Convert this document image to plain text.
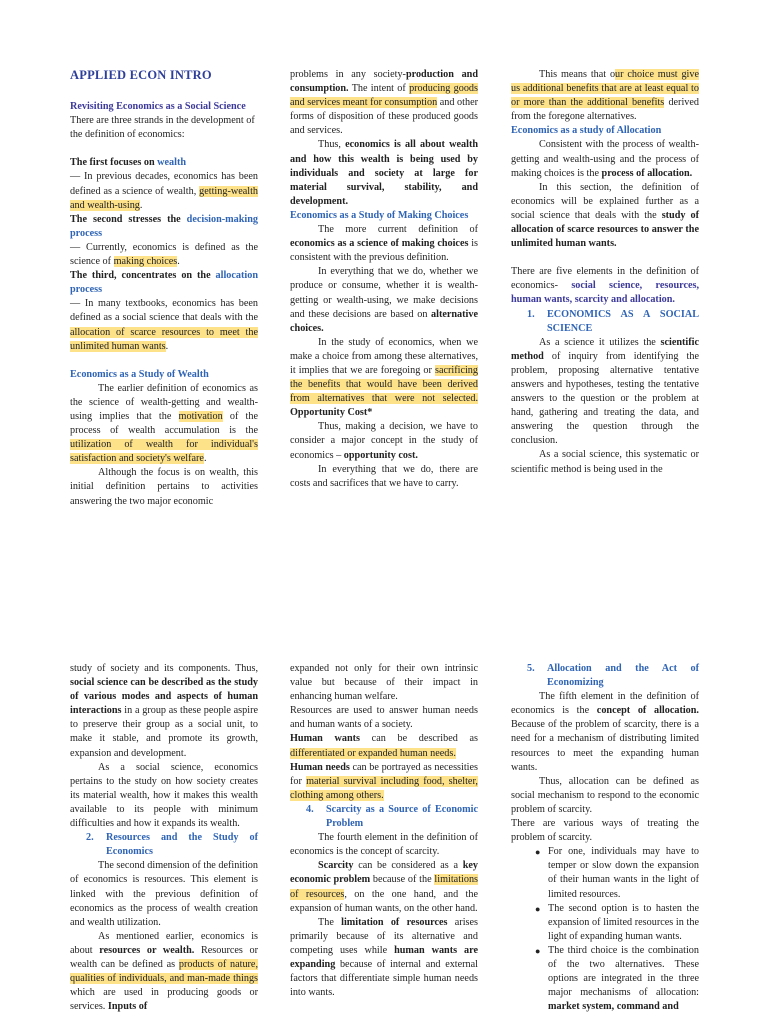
APPLIED ECON INTRO

Revisiting Economics as a Social Science

There are three strands in the development of the definition of economics:

The first focuses on wealth

— In previous decades, economics has been defined as a science of wealth, getting-wealth and wealth-using.

The second stresses the decision-making process

— Currently, economics is defined as the science of making choices.

The third, concentrates on the allocation process

— In many textbooks, economics has been defined as a social science that deals with the allocation of scarce resources to meet the unlimited human wants.

Economics as a Study of Wealth

The earlier definition of economics as the science of wealth-getting and wealth-using implies that the motivation of the process of wealth accumulation is the utilization of wealth for individual's satisfaction and society's welfare.

Although the focus is on wealth, this initial definition pertains to activities answering the two major economic

problems in any society-production and consumption. The intent of producing goods and services meant for consumption and other forms of disposition of these produced goods and services.

Thus, economics is all about wealth and how this wealth is being used by individuals and society at large for material survival, stability, and development.

Economics as a Study of Making Choices

The more current definition of economics as a science of making choices is consistent with the previous definition.

In everything that we do, whether we produce or consume, whether it is wealth-getting or wealth-using, we make decisions and these decisions are based on alternative choices.

In the study of economics, when we make a choice from among these alternatives, it implies that we are foregoing or sacrificing the benefits that would have been derived from alternatives that were not selected. Opportunity Cost*

Thus, making a decision, we have to consider a major concept in the study of economics – opportunity cost.

In everything that we do, there are costs and sacrifices that we have to carry.

This means that our choice must give us additional benefits that are at least equal to or more than the additional benefits derived from the foregone alternatives.

Economics as a study of Allocation

Consistent with the process of wealth-getting and wealth-using and the process of making choices is the process of allocation.

In this section, the definition of economics will be explained further as a social science that deals with the study of allocation of scarce resources to answer the unlimited human wants.

There are five elements in the definition of economics- social science, resources, human wants, scarcity and allocation.

1.	ECONOMICS AS A SOCIAL SCIENCE

As a science it utilizes the scientific method of inquiry from identifying the problem, proposing alternative tentative answers and hypotheses, testing the tentative answers to the question or the problem at hand, gathering and treating the data, and answering the question through the conclusion.

As a social science, this systematic or scientific method is being used in the

study of society and its components. Thus, social science can be described as the study of various modes and aspects of human interactions in a group as these people aspire to preserve their group as a social unit, to make it stable, and promote its growth, expansion and development.

As a social science, economics pertains to the study on how society creates its material wealth, how it makes this wealth available to its people with minimum difficulties and how it expands its wealth.

2.	Resources and the Study of Economics

The second dimension of the definition of economics is resources. This element is linked with the previous definition of economics as the process of wealth creation and wealth utilization.

As mentioned earlier, economics is about resources or wealth. Resources or wealth can be defined as products of nature, qualities of individuals, and man-made things which are used in producing goods or services. Inputs of

expanded not only for their own intrinsic value but because of their impact in enhancing human welfare.

Resources are used to answer human needs and human wants of a society.

Human wants can be described as differentiated or expanded human needs.

Human needs can be portrayed as necessities for material survival including food, shelter, clothing among others.

4.	Scarcity as a Source of Economic Problem

The fourth element in the definition of economics is the concept of scarcity.

Scarcity can be considered as a key economic problem because of the limitations of resources, on the one hand, and the expansion of human wants, on the other hand.

The limitation of resources arises primarily because of its alternative and competing uses while human wants are expanding because of internal and external factors that differentiate simple human needs into wants.

5.	Allocation and the Act of Economizing

The fifth element in the definition of economics is the concept of allocation. Because of the problem of scarcity, there is a need for a mechanism of distributing limited resources to meet the expanding human wants.

Thus, allocation can be defined as social mechanism to respond to the economic problem of scarcity.

There are various ways of treating the problem of scarcity.

● For one, individuals may have to temper or slow down the expansion of their human wants in the light of limited resources.
● The second option is to hasten the expansion of limited resources in the light of expanding human wants.
● The third choice is the combination of the two alternatives. These options are integrated in the three major mechanisms of allocation: market system, command and
